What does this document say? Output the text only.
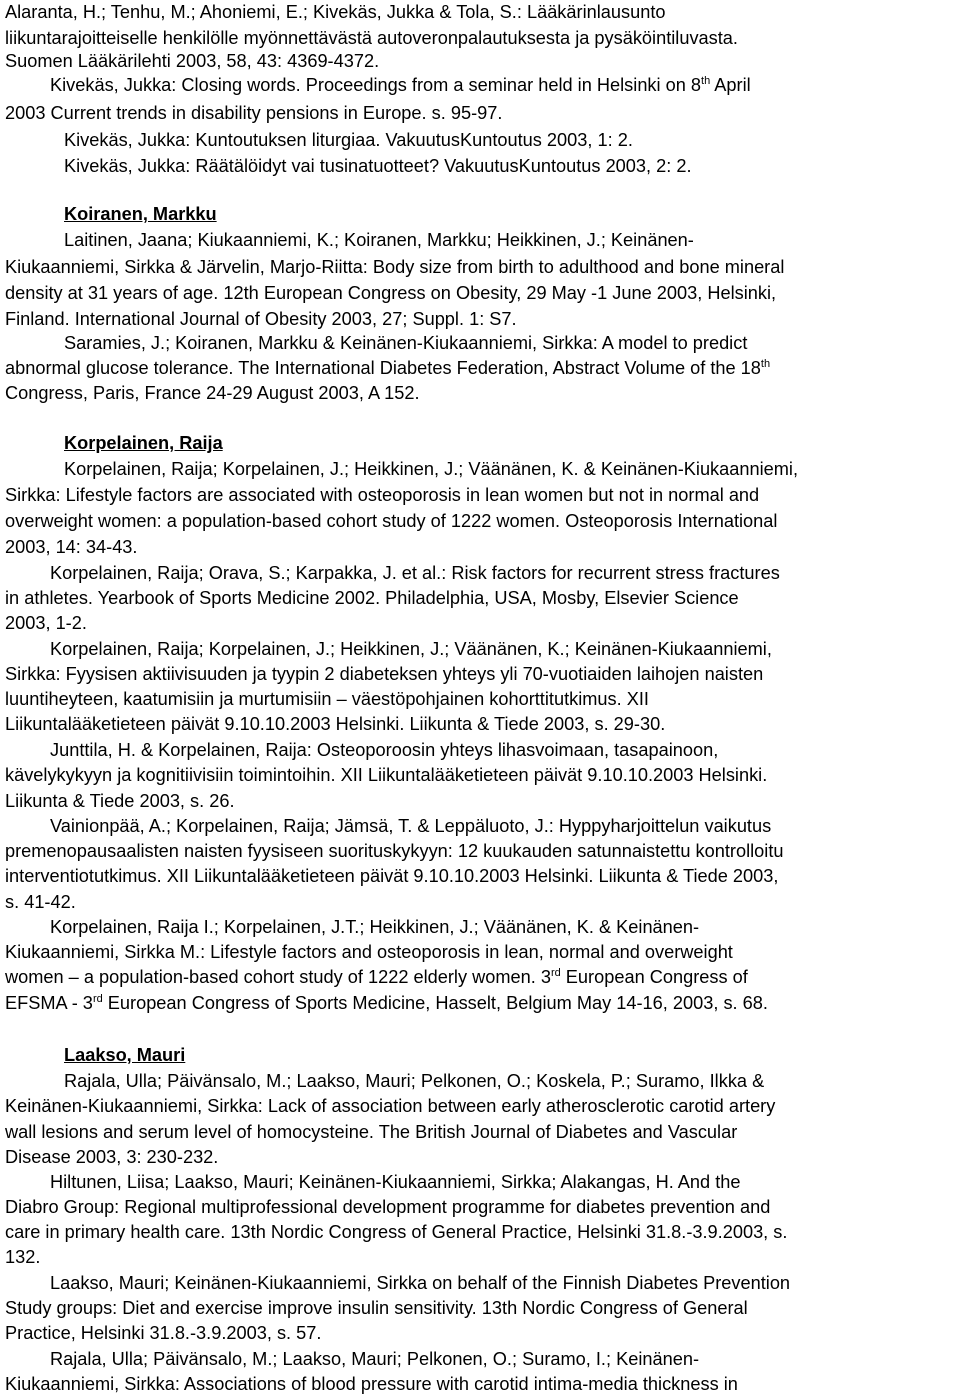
Alaranta, H.; Tenhu, M.; Ahoniemi, E.; Kivekäs, Jukka & Tola, S.: Lääkärinlausunto
liikuntarajoitteiselle henkilölle myönnettävästä autoveronpalautuksesta ja pysäköintiluvasta.
Suomen Lääkärilehti 2003, 58, 43: 4369-4372.
Kivekäs, Jukka: Closing words. Proceedings from a seminar held in Helsinki on 8th April
2003 Current trends in disability pensions in Europe. s. 95-97.
Kivekäs, Jukka: Kuntoutuksen liturgiaa. VakuutusKuntoutus 2003, 1: 2.
Kivekäs, Jukka: Räätälöidyt vai tusinatuotteet? VakuutusKuntoutus 2003, 2: 2.
Koiranen, Markku
Laitinen, Jaana; Kiukaanniemi, K.; Koiranen, Markku; Heikkinen, J.; Keinänen-
Kiukaanniemi, Sirkka & Järvelin, Marjo-Riitta: Body size from birth to adulthood and bone mineral
density at 31 years of age. 12th European Congress on Obesity, 29 May -1 June 2003, Helsinki,
Finland. International Journal of Obesity 2003, 27; Suppl. 1: S7.
Saramies, J.; Koiranen, Markku & Keinänen-Kiukaanniemi, Sirkka: A model to predict
abnormal glucose tolerance. The International Diabetes Federation, Abstract Volume of the 18th
Congress, Paris, France 24-29 August 2003, A 152.
Korpelainen, Raija
Korpelainen, Raija; Korpelainen, J.; Heikkinen, J.; Väänänen, K. & Keinänen-Kiukaanniemi,
Sirkka: Lifestyle factors are associated with osteoporosis in lean women but not in normal and
overweight women: a population-based cohort study of 1222 women. Osteoporosis International
2003, 14: 34-43.
Korpelainen, Raija; Orava, S.; Karpakka, J. et al.: Risk factors for recurrent stress fractures
in athletes. Yearbook of Sports Medicine 2002. Philadelphia, USA, Mosby, Elsevier Science
2003, 1-2.
Korpelainen, Raija; Korpelainen, J.; Heikkinen, J.; Väänänen, K.; Keinänen-Kiukaanniemi,
Sirkka: Fyysisen aktiivisuuden ja tyypin 2 diabeteksen yhteys yli 70-vuotiaiden laihojen naisten
luuntiheyteen, kaatumisiin ja murtumisiin – väestöpohjainen kohorttitutkimus. XII
Liikuntalääketieteen päivät 9.10.10.2003 Helsinki. Liikunta & Tiede 2003, s. 29-30.
Junttila, H. & Korpelainen, Raija: Osteoporoosin yhteys lihasvoimaan, tasapainoon,
kävelykykyyn ja kognitiivisiin toimintoihin. XII Liikuntalääketieteen päivät 9.10.10.2003 Helsinki.
Liikunta & Tiede 2003, s. 26.
Vainionpää, A.; Korpelainen, Raija; Jämsä, T. & Leppäluoto, J.: Hyppyharjoittelun vaikutus
premenopausaalisten naisten fyysiseen suorituskykyyn: 12 kuukauden satunnaistettu kontrolloitu
interventiotutkimus. XII Liikuntalääketieteen päivät 9.10.10.2003 Helsinki. Liikunta & Tiede 2003,
s. 41-42.
Korpelainen, Raija I.; Korpelainen, J.T.; Heikkinen, J.; Väänänen, K. & Keinänen-
Kiukaanniemi, Sirkka M.: Lifestyle factors and osteoporosis in lean, normal and overweight
women – a population-based cohort study of 1222 elderly women. 3rd European Congress of
EFSMA - 3rd European Congress of Sports Medicine, Hasselt, Belgium May 14-16, 2003, s. 68.
Laakso, Mauri
Rajala, Ulla; Päivänsalo, M.; Laakso, Mauri; Pelkonen, O.; Koskela, P.; Suramo, Ilkka &
Keinänen-Kiukaanniemi, Sirkka: Lack of association between early atherosclerotic carotid artery
wall lesions and serum level of homocysteine. The British Journal of Diabetes and Vascular
Disease 2003, 3: 230-232.
Hiltunen, Liisa; Laakso, Mauri; Keinänen-Kiukaanniemi, Sirkka; Alakangas, H. And the
Diabro Group: Regional multiprofessional development programme for diabetes prevention and
care in primary health care. 13th Nordic Congress of General Practice, Helsinki 31.8.-3.9.2003, s.
132.
Laakso, Mauri; Keinänen-Kiukaanniemi, Sirkka on behalf of the Finnish Diabetes Prevention
Study groups: Diet and exercise improve insulin sensitivity. 13th Nordic Congress of General
Practice, Helsinki 31.8.-3.9.2003, s. 57.
Rajala, Ulla; Päivänsalo, M.; Laakso, Mauri; Pelkonen, O.; Suramo, I.; Keinänen-
Kiukaanniemi, Sirkka: Associations of blood pressure with carotid intima-media thickness in
